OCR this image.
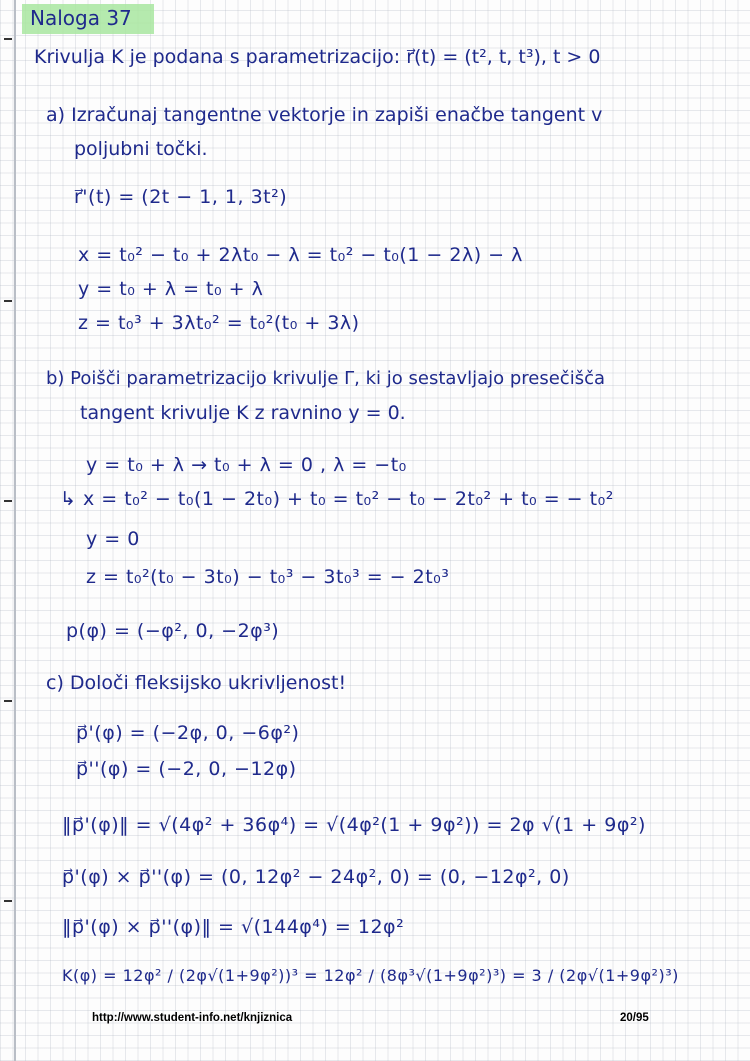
Naloga 37
Krivulja K je podana s parametrizacijo: r⃗(t) = (t², t, t³), t > 0
a) Izračunaj tangentne vektorje in zapiši enačbe tangent v
poljubni točki.
r⃗'(t) = (2t − 1, 1, 3t²)
x = t₀² − t₀ + 2λt₀ − λ = t₀² − t₀(1 − 2λ) − λ
y = t₀ + λ = t₀ + λ
z = t₀³ + 3λt₀² = t₀²(t₀ + 3λ)
b) Poišči parametrizacijo krivulje Γ, ki jo sestavljajo presečišča
tangent krivulje K z ravnino y = 0.
y = t₀ + λ → t₀ + λ = 0 , λ = −t₀
↳ x = t₀² − t₀(1 − 2t₀) + t₀ = t₀² − t₀ − 2t₀² + t₀ = − t₀²
y = 0
z = t₀²(t₀ − 3t₀) − t₀³ − 3t₀³ = − 2t₀³
p(φ) = (−φ², 0, −2φ³)
c) Določi fleksijsko ukrivljenost!
p⃗'(φ) = (−2φ, 0, −6φ²)
p⃗''(φ) = (−2, 0, −12φ)
‖p⃗'(φ)‖ = √(4φ² + 36φ⁴) = √(4φ²(1 + 9φ²)) = 2φ √(1 + 9φ²)
p⃗'(φ) × p⃗''(φ) = (0, 12φ² − 24φ², 0) = (0, −12φ², 0)
‖p⃗'(φ) × p⃗''(φ)‖ = √(144φ⁴) = 12φ²
K(φ) = 12φ² / (2φ√(1+9φ²))³ = 12φ² / (8φ³√(1+9φ²)³) = 3 / (2φ√(1+9φ²)³)
http://www.student-info.net/knjiznica	20/95
